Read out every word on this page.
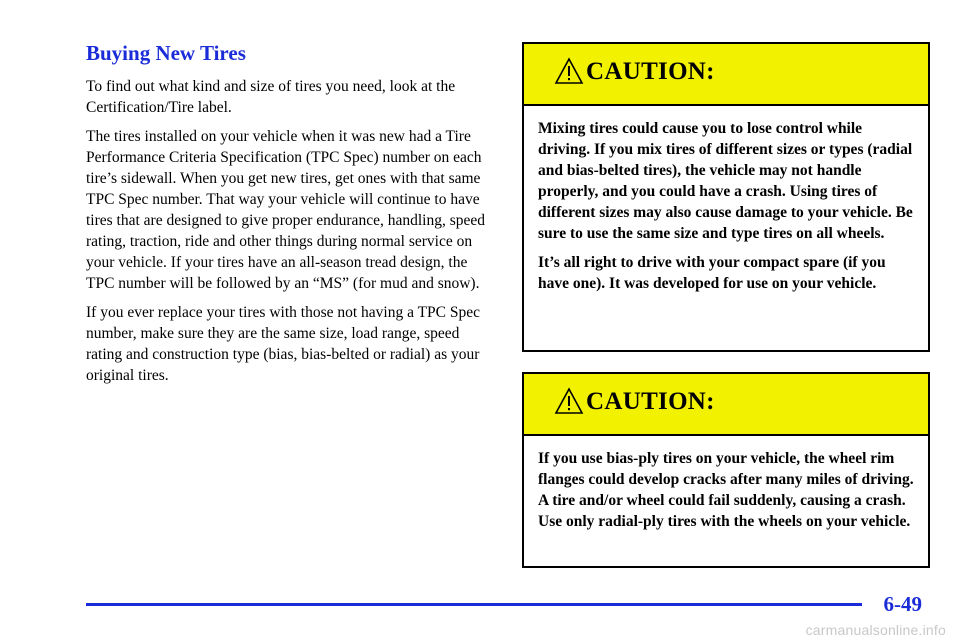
Buying New Tires

To find out what kind and size of tires you need, look at the Certification/Tire label.

The tires installed on your vehicle when it was new had a Tire Performance Criteria Specification (TPC Spec) number on each tire’s sidewall. When you get new tires, get ones with that same TPC Spec number. That way your vehicle will continue to have tires that are designed to give proper endurance, handling, speed rating, traction, ride and other things during normal service on your vehicle. If your tires have an all‑season tread design, the TPC number will be followed by an “MS” (for mud and snow).

If you ever replace your tires with those not having a TPC Spec number, make sure they are the same size, load range, speed rating and construction type (bias, bias‑belted or radial) as your original tires.

CAUTION:

Mixing tires could cause you to lose control while driving. If you mix tires of different sizes or types (radial and bias‑belted tires), the vehicle may not handle properly, and you could have a crash. Using tires of different sizes may also cause damage to your vehicle. Be sure to use the same size and type tires on all wheels.

It’s all right to drive with your compact spare (if you have one). It was developed for use on your vehicle.

CAUTION:

If you use bias‑ply tires on your vehicle, the wheel rim flanges could develop cracks after many miles of driving. A tire and/or wheel could fail suddenly, causing a crash. Use only radial‑ply tires with the wheels on your vehicle.

6-49
carmanualsonline.info
